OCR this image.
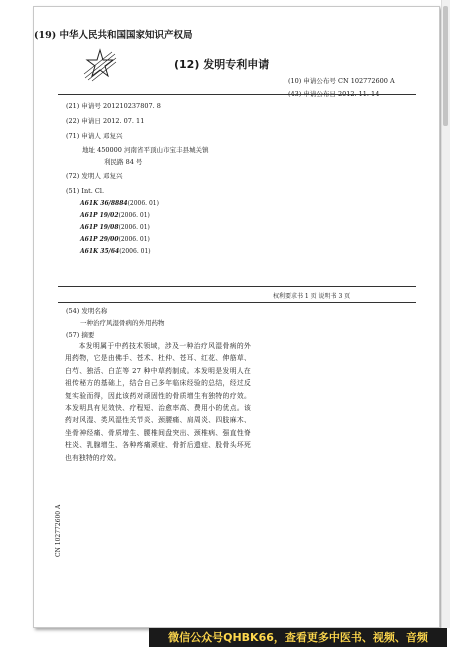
(19) 中华人民共和国国家知识产权局
(12) 发明专利申请
(10) 申请公布号 CN 102772600 A
(43) 申请公布日 2012. 11. 14
(21) 申请号 201210237807. 8
(22) 申请日 2012. 07. 11
(71) 申请人 邓复兴
地址 450000 河南省平顶山市宝丰县城关镇
利民路 84 号
(72) 发明人 邓复兴
(51) Int. Cl.
A61K 36/8884(2006. 01)
A61P 19/02(2006. 01)
A61P 19/08(2006. 01)
A61P 29/00(2006. 01)
A61K 35/64(2006. 01)
权利要求书 1 页 说明书 3 页
(54) 发明名称
一种治疗风湿骨病的外用药物
(57) 摘要

本发明属于中药技术领域，涉及一种治疗风湿骨病的外用药物，它是由佛手、苍术、杜仲、苍耳、红花、伸筋草、白芍、独活、白芷等 27 种中草药制成。本发明是发明人在祖传秘方的基础上，结合自己多年临床经验的总结，经过反复实验而得，因此该药对顽固性的骨质增生有独特的疗效。本发明具有见效快、疗程短、治愈率高、费用小的优点。该药对风湿、类风湿性关节炎、颈腰痛、肩周炎、四肢麻木、坐骨神经痛、骨质增生、腰椎间盘突出、颈椎病、强直性脊柱炎、乳腺增生、各种疼痛顽症、骨折后遗症、股骨头坏死也有独特的疗效。

CN 102772600 A
微信公众号QHBK66，查看更多中医书、视频、音频
